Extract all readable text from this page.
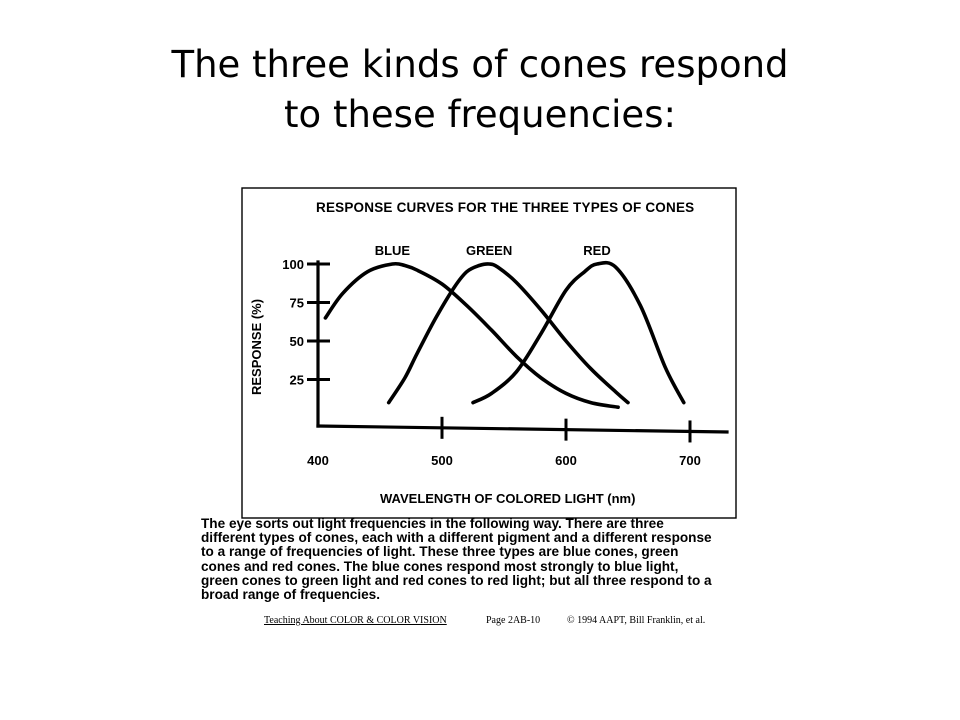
The three kinds of cones respond
to these frequencies:
RESPONSE CURVES FOR THE THREE TYPES OF CONES
25
50
75
100
400	500	600	700
BLUE	GREEN	RED
RESPONSE (%)
WAVELENGTH OF COLORED LIGHT (nm)
The eye sorts out light frequencies in the following way. There are three
different types of cones, each with a different pigment and a different response
to a range of frequencies of light. These three types are blue cones, green
cones and red cones. The blue cones respond most strongly to blue light,
green cones to green light and red cones to red light; but all three respond to a
broad range of frequencies.
Teaching About COLOR & COLOR VISION	Page 2AB-10	© 1994 AAPT, Bill Franklin, et al.
